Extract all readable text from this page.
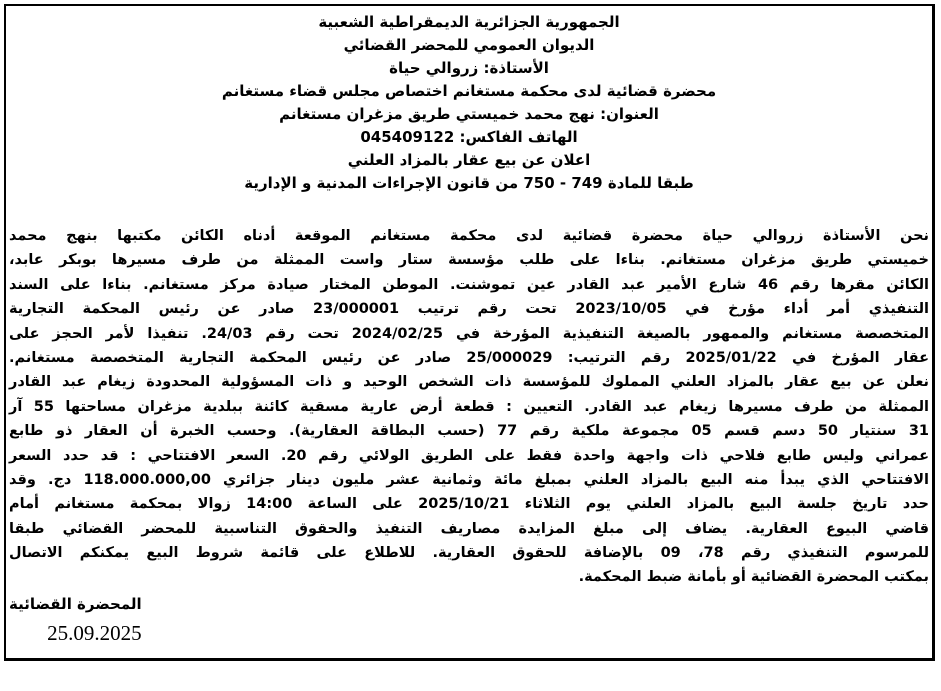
الجمهورية الجزائرية الديمقراطية الشعبية
الديوان العمومي للمحضر القضائي
الأستاذة: زروالي حياة
محضرة قضائية لدى محكمة مستغانم اختصاص مجلس قضاء مستغانم
العنوان: نهج محمد خميستي طريق مزغران مستغانم
الهاتف الفاكس: 045409122
اعلان عن بيع عقار بالمزاد العلني
طبقا للمادة 749 - 750 من قانون الإجراءات المدنية و الإدارية
نحن الأستاذة زروالي حياة محضرة قضائية لدى محكمة مستغانم الموقعة أدناه الكائن مكتبها بنهج محمد
خميستي طريق مزغران مستغانم. بناءا على طلب مؤسسة ستار واست الممثلة من طرف مسيرها بوبكر عابد،
الكائن مقرها رقم 46 شارع الأمير عبد القادر عين تموشنت. الموطن المختار صيادة مركز مستغانم. بناءا على السند
التنفيذي أمر أداء مؤرخ في 2023/10/05 تحت رقم ترتيب 23/000001 صادر عن رئيس المحكمة التجارية
المتخصصة مستغانم والممهور بالصيغة التنفيذية المؤرخة في 2024/02/25 تحت رقم 24/03. تنفيذا لأمر الحجز على
عقار المؤرخ في 2025/01/22 رقم الترتيب: 25/000029 صادر عن رئيس المحكمة التجارية المتخصصة مستغانم.
نعلن عن بيع عقار بالمزاد العلني المملوك للمؤسسة ذات الشخص الوحيد و ذات المسؤولية المحدودة زيغام عبد القادر
الممثلة من طرف مسيرها زيغام عبد القادر. التعيين : قطعة أرض عارية مسقية كائنة ببلدية مزغران مساحتها 55 آر
31 سنتيار 50 دسم قسم 05 مجموعة ملكية رقم 77 (حسب البطاقة العقارية). وحسب الخبرة أن العقار ذو طابع
عمراني وليس طابع فلاحي ذات واجهة واحدة فقط على الطريق الولائي رقم 20. السعر الافتتاحي : قد حدد السعر
الافتتاحي الذي يبدأ منه البيع بالمزاد العلني بمبلغ مائة وثمانية عشر مليون دينار جزائري 118.000.000,00 دج. وقد
حدد تاريخ جلسة البيع بالمزاد العلني يوم الثلاثاء 2025/10/21 على الساعة 14:00 زوالا بمحكمة مستغانم أمام
قاضي البيوع العقارية. يضاف إلى مبلغ المزايدة مصاريف التنفيذ والحقوق التناسبية للمحضر القضائي طبقا
للمرسوم التنفيذي رقم 78، 09 بالإضافة للحقوق العقارية. للاطلاع على قائمة شروط البيع يمكنكم الاتصال
بمكتب المحضرة القضائية أو بأمانة ضبط المحكمة.
المحضرة القضائية
25.09.2025
